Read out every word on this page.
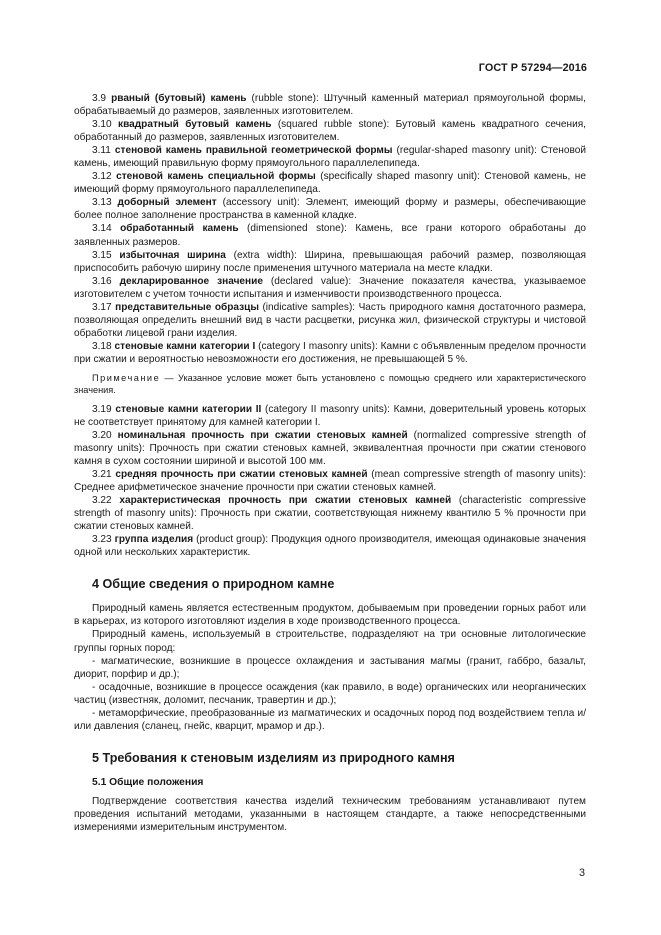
ГОСТ Р 57294—2016

3.9 рваный (бутовый) камень (rubble stone): Штучный каменный материал прямоугольной формы, обрабатываемый до размеров, заявленных изготовителем.

3.10 квадратный бутовый камень (squared rubble stone): Бутовый камень квадратного сечения, обработанный до размеров, заявленных изготовителем.

3.11 стеновой камень правильной геометрической формы (regular-shaped masonry unit): Стеновой камень, имеющий правильную форму прямоугольного параллелепипеда.

3.12 стеновой камень специальной формы (specifically shaped masonry unit): Стеновой камень, не имеющий форму прямоугольного параллелепипеда.

3.13 доборный элемент (accessory unit): Элемент, имеющий форму и размеры, обеспечивающие более полное заполнение пространства в каменной кладке.

3.14 обработанный камень (dimensioned stone): Камень, все грани которого обработаны до заявленных размеров.

3.15 избыточная ширина (extra width): Ширина, превышающая рабочий размер, позволяющая приспособить рабочую ширину после применения штучного материала на месте кладки.

3.16 декларированное значение (declared value): Значение показателя качества, указываемое изготовителем с учетом точности испытания и изменчивости производственного процесса.

3.17 представительные образцы (indicative samples): Часть природного камня достаточного размера, позволяющая определить внешний вид в части расцветки, рисунка жил, физической структуры и чистовой обработки лицевой грани изделия.

3.18 стеновые камни категории I (category I masonry units): Камни с объявленным пределом прочности при сжатии и вероятностью невозможности его достижения, не превышающей 5 %.

Примечание — Указанное условие может быть установлено с помощью среднего или характеристического значения.

3.19 стеновые камни категории II (category II masonry units): Камни, доверительный уровень которых не соответствует принятому для камней категории I.

3.20 номинальная прочность при сжатии стеновых камней (normalized compressive strength of masonry units): Прочность при сжатии стеновых камней, эквивалентная прочности при сжатии стенового камня в сухом состоянии шириной и высотой 100 мм.

3.21 средняя прочность при сжатии стеновых камней (mean compressive strength of masonry units): Среднее арифметическое значение прочности при сжатии стеновых камней.

3.22 характеристическая прочность при сжатии стеновых камней (characteristic compressive strength of masonry units): Прочность при сжатии, соответствующая нижнему квантилю 5 % прочности при сжатии стеновых камней.

3.23 группа изделия (product group): Продукция одного производителя, имеющая одинаковые значения одной или нескольких характеристик.

4 Общие сведения о природном камне

Природный камень является естественным продуктом, добываемым при проведении горных работ или в карьерах, из которого изготовляют изделия в ходе производственного процесса.

Природный камень, используемый в строительстве, подразделяют на три основные литологические группы горных пород:

- магматические, возникшие в процессе охлаждения и застывания магмы (гранит, габбро, базальт, диорит, порфир и др.);

- осадочные, возникшие в процессе осаждения (как правило, в воде) органических или неорганических частиц (известняк, доломит, песчаник, травертин и др.);

- метаморфические, преобразованные из магматических и осадочных пород под воздействием тепла и/или давления (сланец, гнейс, кварцит, мрамор и др.).

5 Требования к стеновым изделиям из природного камня
5.1 Общие положения

Подтверждение соответствия качества изделий техническим требованиям устанавливают путем проведения испытаний методами, указанными в настоящем стандарте, а также непосредственными измерениями измерительным инструментом.

3
